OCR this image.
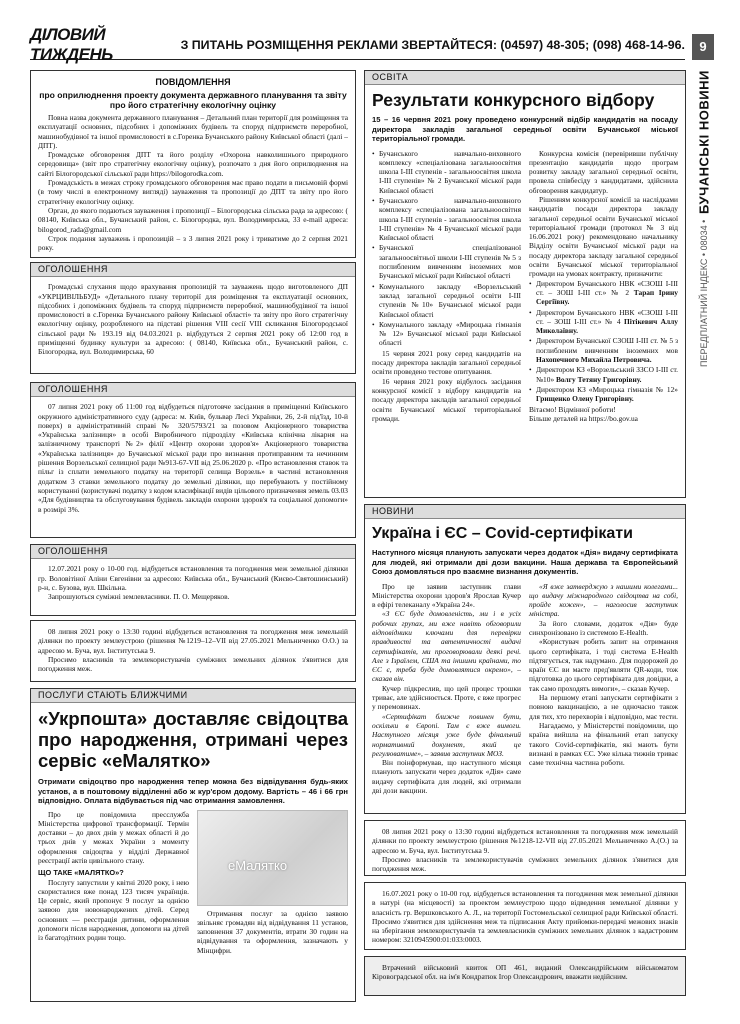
ДІЛОВИЙ ТИЖДЕНЬ	З ПИТАНЬ РОЗМІЩЕННЯ РЕКЛАМИ ЗВЕРТАЙТЕСЯ: (04597) 48-305; (098) 468-14-96.	9
ПЕРЕДПЛАТНИЙ ІНДЕКС • 08034 •
БУЧАНСЬКІ НОВИНИ
ПОВІДОМЛЕННЯ
про оприлюднення проекту документа державного планування та звіту про його стратегічну екологічну оцінку
Повна назва документа державного планування – Детальний план території для розміщення та експлуатації основних, підсобних і допоміжних будівель та споруд підприємств переробної, машинобудівної та іншої промисловості в с.Горенка Бучанського району Київської області (далі – ДПТ).
Громадське обговорення ДПТ та його розділу «Охорона навколишнього природного середовища» (звіт про стратегічну екологічну оцінку), розпочато з дня його оприлюднення на сайті Білогородської сільської ради https://bilogorodka.com.
Громадськість в межах строку громадського обговорення має право подати в письмовій формі (в тому числі в електронному вигляді) зауваження та пропозиції до ДПТ та звіту про його стратегічну екологічну оцінку.
Орган, до якого подаються зауваження і пропозиції – Білогородська сільська рада за адресою: ( 08140, Київська обл., Бучанський район, с. Білогородка, вул. Володимирська, 33 e-mail адреса: bilogorod_rada@gmail.com
Строк подання зауважень і пропозицій – з 3 липня 2021 року і триватиме до 2 серпня 2021 року.
ОГОЛОШЕННЯ
Громадські слухання щодо врахування пропозицій та зауважень щодо виготовленого ДП «УКРЦИВІЛЬБУД» «Детального плану території для розміщення та експлуатації основних, підсобних і допоміжних будівель та споруд підприємств переробної, машинобудівної та іншої промисловості в с.Горенка Бучанського району Київської області» та звіту про його стратегічну екологічну оцінку, розробленого на підставі рішення VIII сесії VIII скликання Білогородської сільської ради № 193.19 від 04.03.2021 р. відбудуться 2 серпня 2021 року об 12:00 год в приміщенні будинку культури за адресою: ( 08140, Київська обл., Бучанський район, с. Білогородка, вул. Володимирська, 60
ОГОЛОШЕННЯ
07 липня 2021 року об 11:00 год відбудеться підготовче засідання в приміщенні Київського окружного адміністративного суду (адреса: м. Київ, бульвар Лесі Українки, 26, 2-й під'їзд, 10-й поверх) в адміністративній справі № 320/5793/21 за позовом Акціонерного товариства «Українська залізниця» в особі Виробничого підрозділу «Київська клінічна лікарня на залізничному транспорті №2» філії «Центр охорони здоров'я» Акціонерного товариства «Українська залізниця» до Бучанської міської ради про визнання протиправним та нечинним рішення Ворзельської селищної ради №913-67-VII від 25.06.2020 р. «Про встановлення ставок та пільг із сплати земельного податку на території селища Ворзель» в частині встановлення додатком 3 ставки земельного податку до земельні ділянки, що перебувають у постійному користуванні (користувачі податку з кодом класифікації видів цільового призначення земель 03.03 «Для будівництва та обслуговування будівель закладів охорони здоров'я та соціальної допомоги» в розмірі 3%.
ОГОЛОШЕННЯ
12.07.2021 року о 10-00 год. відбудеться встановлення та погодження меж земельної ділянки гр. Воловітіної Аліни Євгенівни за адресою: Київська обл., Бучанський (Києво-Святошинський) р-н, с. Бузова, вул. Шкільна.
Запрошуються суміжні землевласники. П. О. Мещеряков.
08 липня 2021 року о 13:30 годині відбудеться встановлення та погодження меж земельній ділянки по проекту землеустрою (рішення №1219–12–VII від 27.05.2021 Мельниченко О.О.) за адресою м. Буча, вул. Інститутська 9.
Просимо власників та землекористувачів суміжних земельних ділянок з'явитися для погодження меж.
ПОСЛУГИ СТАЮТЬ БЛИЖЧИМИ
«Укрпошта» доставляє свідоцтва про народження, отримані через сервіс «еМалятко»
Отримати свідоцтво про народження тепер можна без відвідування будь-яких установ, а в поштовому відділенні або ж кур'єром додому. Вартість – 46 і 66 грн відповідно. Оплата відбувається під час отримання замовлення.
Про це повідомила пресслужба Міністерства цифрової трансформації. Термін доставки – до двох днів у межах області й до трьох днів у межах України з моменту оформлення свідоцтва у відділі Державної реєстрації актів цивільного стану.
ЩО ТАКЕ «МАЛЯТКО»?
Послугу запустили у квітні 2020 року, і нею скористалися вже понад 123 тисяч українців. Це сервіс, який пропонує 9 послуг за однією заявою для новонароджених дітей. Серед основних — реєстрація дитини, оформлення допомоги після народження, допомоги на дітей із багатодітних родин тощо.
еМалятко
Отримання послуг за однією заявою звільняє громадян від відвідування 11 установ, заповнення 37 документів, втрати 30 годин на відвідування та оформлення, зазначають у Мінцифри.
ОСВІТА
Результати конкурсного відбору
15 – 16 червня 2021 року проведено конкурсний відбір кандидатів на посаду директора закладів загальної середньої освіти Бучанської міської територіальної громади.
• Бучанського навчально-виховного комплексу «спеціалізована загальноосвітня школа І-ІІІ ступенів - загальноосвітня школа І-ІІІ ступенів» № 2 Бучанської міської ради Київської області
• Бучанського навчально-виховного комплексу «спеціалізована загальноосвітня школа І-ІІІ ступенів - загальноосвітня школа І-ІІІ ступенів» № 4 Бучанської міської ради Київської області
• Бучанської спеціалізованої загальноосвітньої школи І-ІІІ ступенів № 5 з поглибленим вивченням іноземних мов Бучанської міської ради Київської області
• Комунального закладу «Ворзельський заклад загальної середньої освіти І-ІІІ ступенів №10» Бучанської міської ради Київської області
• Комунального закладу «Мироцька гімназія № 12» Бучанської міської ради Київської області
15 червня 2021 року серед кандидатів на посаду директора закладів загальної середньої освіти проведено тестове опитування.
16 червня 2021 року відбулось засідання конкурсної комісії з відбору кандидатів на посаду директора закладів загальної середньої освіти Бучанської міської територіальної громади.
Конкурсна комісія (перевіривши публічну презентацію кандидатів щодо програм розвитку закладу загальної середньої освіти, провела співбесіду з кандидатами, здійснила обговорення кандидатур.
Рішенням конкурсної комісії за наслідками кандидатів посади директора закладу загальної середньої освіти Бучанської міської територіальної громади (протокол № 3 від 16.06.2021 року) рекомендовано начальнику Відділу освіти Бучанської міської ради на посаду директора закладу загальної середньої освіти Бучанської міської територіальної громади на умовах контракту, призначити:
• Директором Бучанського НВК «СЗОШ І-ІІІ ст. – ЗОШ І-ІІІ ст.» № 2 Тарап Ірину Сергіївну.
• Директором Бучанського НВК «СЗОШ І-ІІІ ст. – ЗОШ І-ІІІ ст.» № 4 Пітікевич Аллу Миколаївну.
• Директором Бучанської СЗОШ І-ІІІ ст. № 5 з поглибленим вивченням іноземних мов Нахопечного Михайла Петровича.
• Директором КЗ «Ворзельський ЗЗСО І-ІІІ ст. №10» Волгу Тетяну Григорівну.
• Директором КЗ «Мироцька гімназія № 12» Грищенко Олену Григорівну.
Вітаємо! Відмінної роботи!
Більше деталей на https://bo.gov.ua
НОВИНИ
Україна і ЄС – Covid-сертифікати
Наступного місяця планують запускати через додаток «Дія» видачу сертифіката для людей, які отримали дві дози вакцини. Наша держава та Європейський Союз домовляться про взаємне визнання документів.
Про це заявив заступник глави Міністерства охорони здоров'я Ярослав Кучер в ефірі телеканалу «Україна 24».
«З ЄС буде домовленість, ми і в усіх робочих групах, ми вже навіть обговорили відповідники ключами для перевірки правдивості та автентичності видачі сертифікатів, ми проговорювали деякі речі. Але з Ізраїлем, США та іншими країнами, то ЄС є, треба буде домовлятися окремо», – сказав він.
Кучер підкреслив, що цей процес трошки триває, але здійснюється. Проте, є вже прогрес у перемовинах.
«Сертифікат ближче повинен бути, оскільки в Європі. Там є вже вимоги. Наступного місяця уже буде фінальний нормативний документ, який це регулюватиме», – заявив заступник МОЗ.
Він поінформував, що наступного місяця планують запускати через додаток «Дія» саме видачу сертифіката для людей, які отримали дві дози вакцини.
«Я вже затверджую з нашими колегами... що видачу міжнародного свідоцтва на собі, пройде кожен», – наголосив заступник міністра.
За його словами, додаток «Дія» буде синхронізовано із системою E-Health.
«Користувач робить запит на отримання цього сертифіката, і тоді система E-Health підтягується, так надумано. Для подорожей до країн ЄС ви маєте пред'являти QR-коди, тож підготовка до цього сертифіката для довідки, а так само проходять вимоги», – сказав Кучер.
На першому етапі запускати сертифікати з повною вакцинацією, а не одночасно також для тих, хто перехворів і відповідно, має тести.
Нагадаємо, у Міністерстві повідомили, що країна вийшла на фінальний етап запуску такого Covid-сертифікатів, які мають бути визнані в рамках ЄС. Уже кілька тижнів триває саме технічна частина роботи.
08 липня 2021 року о 13:30 годині відбудеться встановлення та погодження меж земельній ділянки по проекту землеустрою (рішення №1218-12-VІІ від 27.05.2021 Мельниченко А.(О.) за адресою м. Буча, вул. Інститутська 9.
Просимо власників та землекористувачів суміжних земельних ділянок з'явитися для погодження меж.
16.07.2021 року о 10-00 год. відбудеться встановлення та погодження меж земельної ділянки в натурі (на місцевості) за проектом землеустрою щодо відведення земельної ділянки у власність гр. Вершковського А. Л., на території Гостомельської селищної ради Київської області. Просимо з'явитися для здійснення меж та підписання Акту прийомки-передачі межових знаків на зберігання землекористувачів та землевласників суміжних земельних ділянок з кадастровим номером: 3210945900:01:033:0003.
Втрачений військовий квиток ОП 461, виданий Олександрійським військоматом Кіровоградської обл. на ім'я Кондратюк Ігор Олександрович, вважати недійсним.
